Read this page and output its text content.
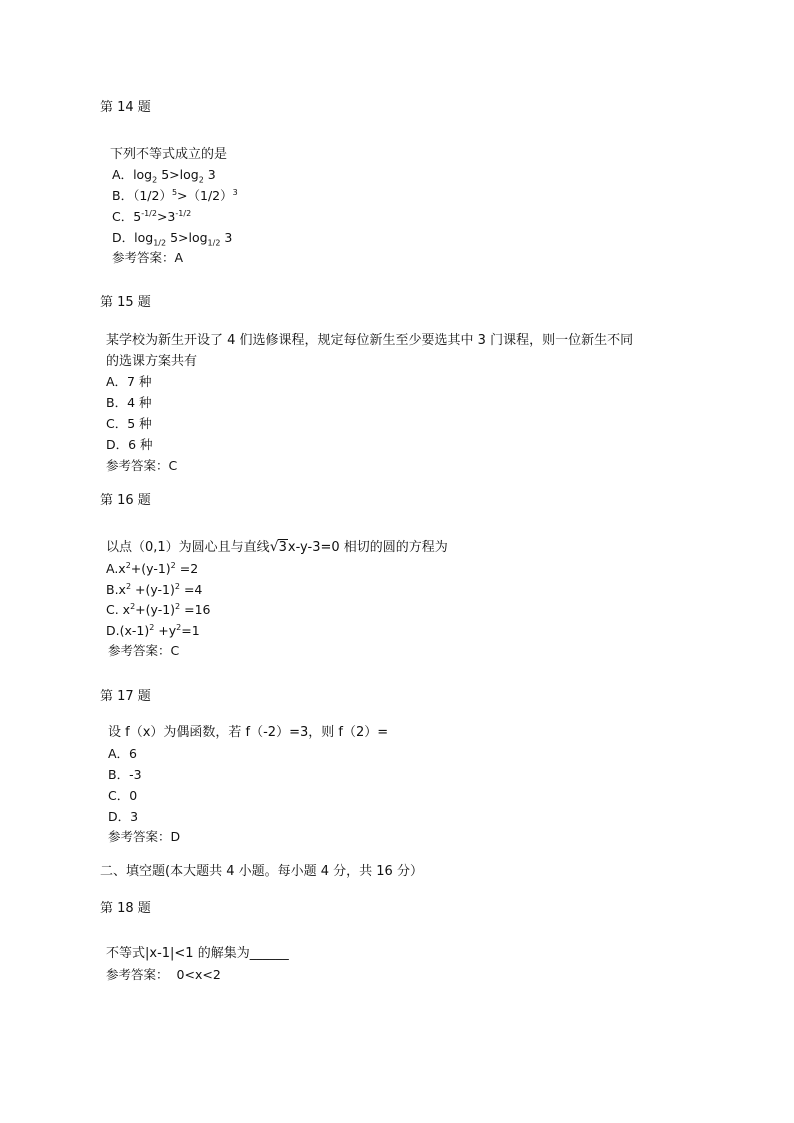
第 14 题
下列不等式成立的是
A．$\log_2 5>\log_2$ 3
B．$(1/2)^5>(1/2)^3$
C．$5^{-1/2}>3^{-1/2}$
D．$\log_{1/2} 5>\log_{1/2}$ 3
参考答案：A
第 15 题
某学校为新生开设了 4 们选修课程，规定每位新生至少要选其中 3 门课程，则一位新生不同
的选课方案共有
A．7 种
B．4 种
C．5 种
D．6 种
参考答案：C
第 16 题
以点（0,1）为圆心且与直线√3x-y-3=0 相切的圆的方程为
$A.x^2+(y-1)^2 =2$
$B.x^2 +(y-1)^2 =4$
C. $x^2+(y-1)^2 =16$
$D.(x-1)^2 +y^2=1$
参考答案：C
第 17 题
设 f（x）为偶函数，若 f（-2）=3，则 f（2）=
A．6
B．-3
C．0
D．3
参考答案：D
二、填空题(本大题共 4 小题。每小题 4 分，共 16 分）
第 18 题
不等式|x-1|<1 的解集为______
参考答案： 0<x<2
